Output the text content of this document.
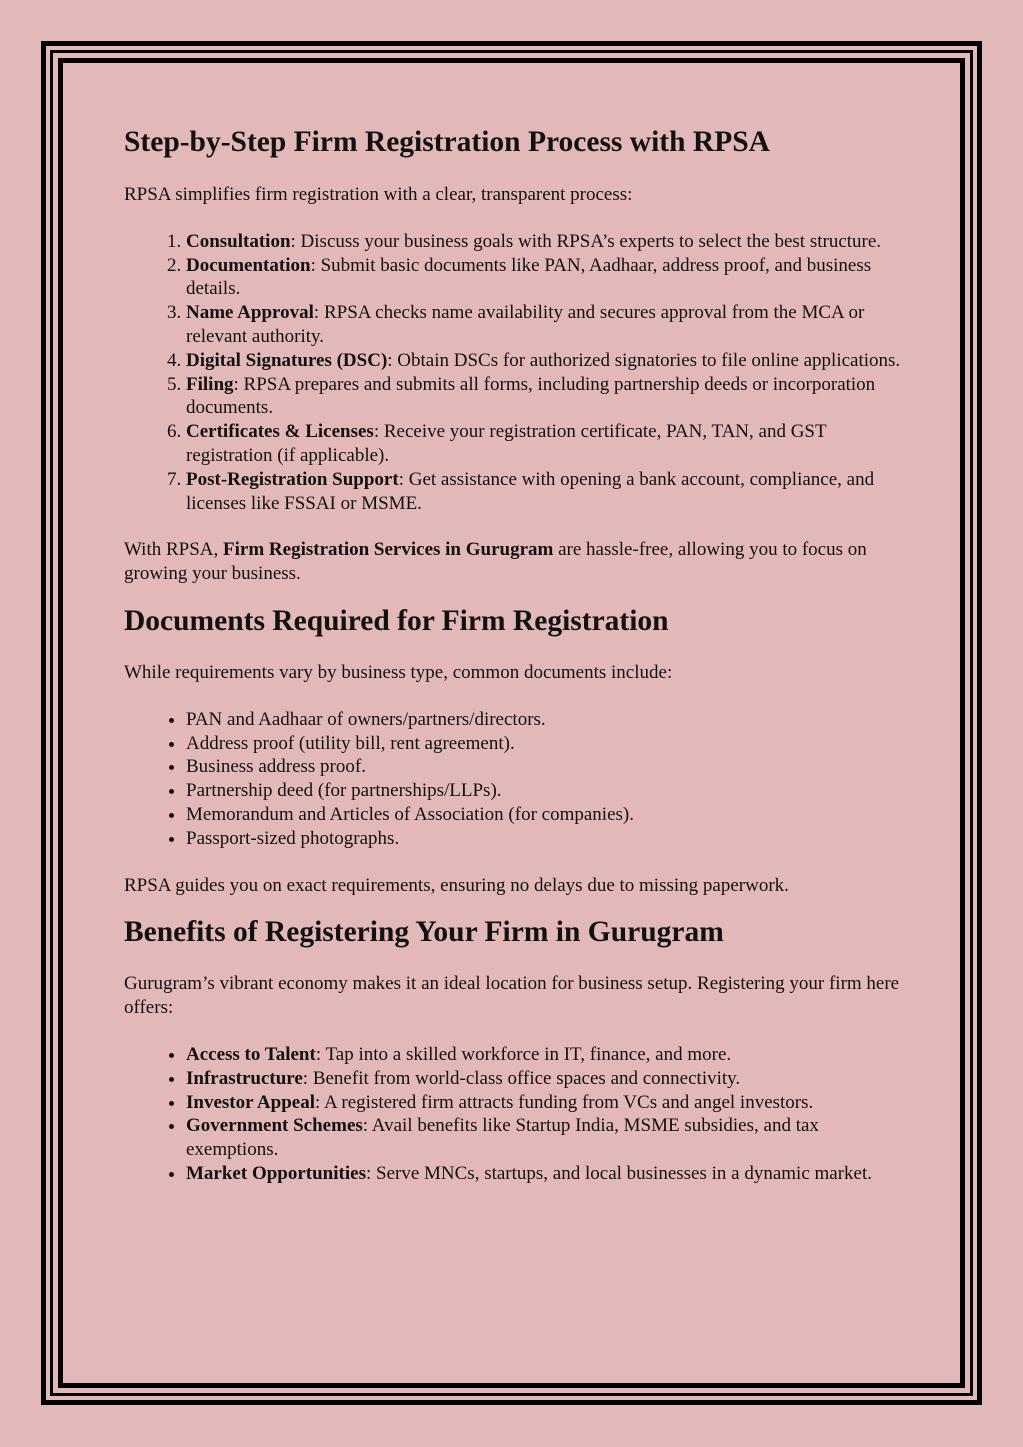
Step-by-Step Firm Registration Process with RPSA

RPSA simplifies firm registration with a clear, transparent process:

1. Consultation: Discuss your business goals with RPSA’s experts to select the best structure.
2. Documentation: Submit basic documents like PAN, Aadhaar, address proof, and business details.
3. Name Approval: RPSA checks name availability and secures approval from the MCA or relevant authority.
4. Digital Signatures (DSC): Obtain DSCs for authorized signatories to file online applications.
5. Filing: RPSA prepares and submits all forms, including partnership deeds or incorporation documents.
6. Certificates & Licenses: Receive your registration certificate, PAN, TAN, and GST registration (if applicable).
7. Post-Registration Support: Get assistance with opening a bank account, compliance, and licenses like FSSAI or MSME.

With RPSA, Firm Registration Services in Gurugram are hassle-free, allowing you to focus on growing your business.

Documents Required for Firm Registration

While requirements vary by business type, common documents include:

• PAN and Aadhaar of owners/partners/directors.
• Address proof (utility bill, rent agreement).
• Business address proof.
• Partnership deed (for partnerships/LLPs).
• Memorandum and Articles of Association (for companies).
• Passport-sized photographs.

RPSA guides you on exact requirements, ensuring no delays due to missing paperwork.

Benefits of Registering Your Firm in Gurugram

Gurugram’s vibrant economy makes it an ideal location for business setup. Registering your firm here offers:

• Access to Talent: Tap into a skilled workforce in IT, finance, and more.
• Infrastructure: Benefit from world-class office spaces and connectivity.
• Investor Appeal: A registered firm attracts funding from VCs and angel investors.
• Government Schemes: Avail benefits like Startup India, MSME subsidies, and tax exemptions.
• Market Opportunities: Serve MNCs, startups, and local businesses in a dynamic market.
